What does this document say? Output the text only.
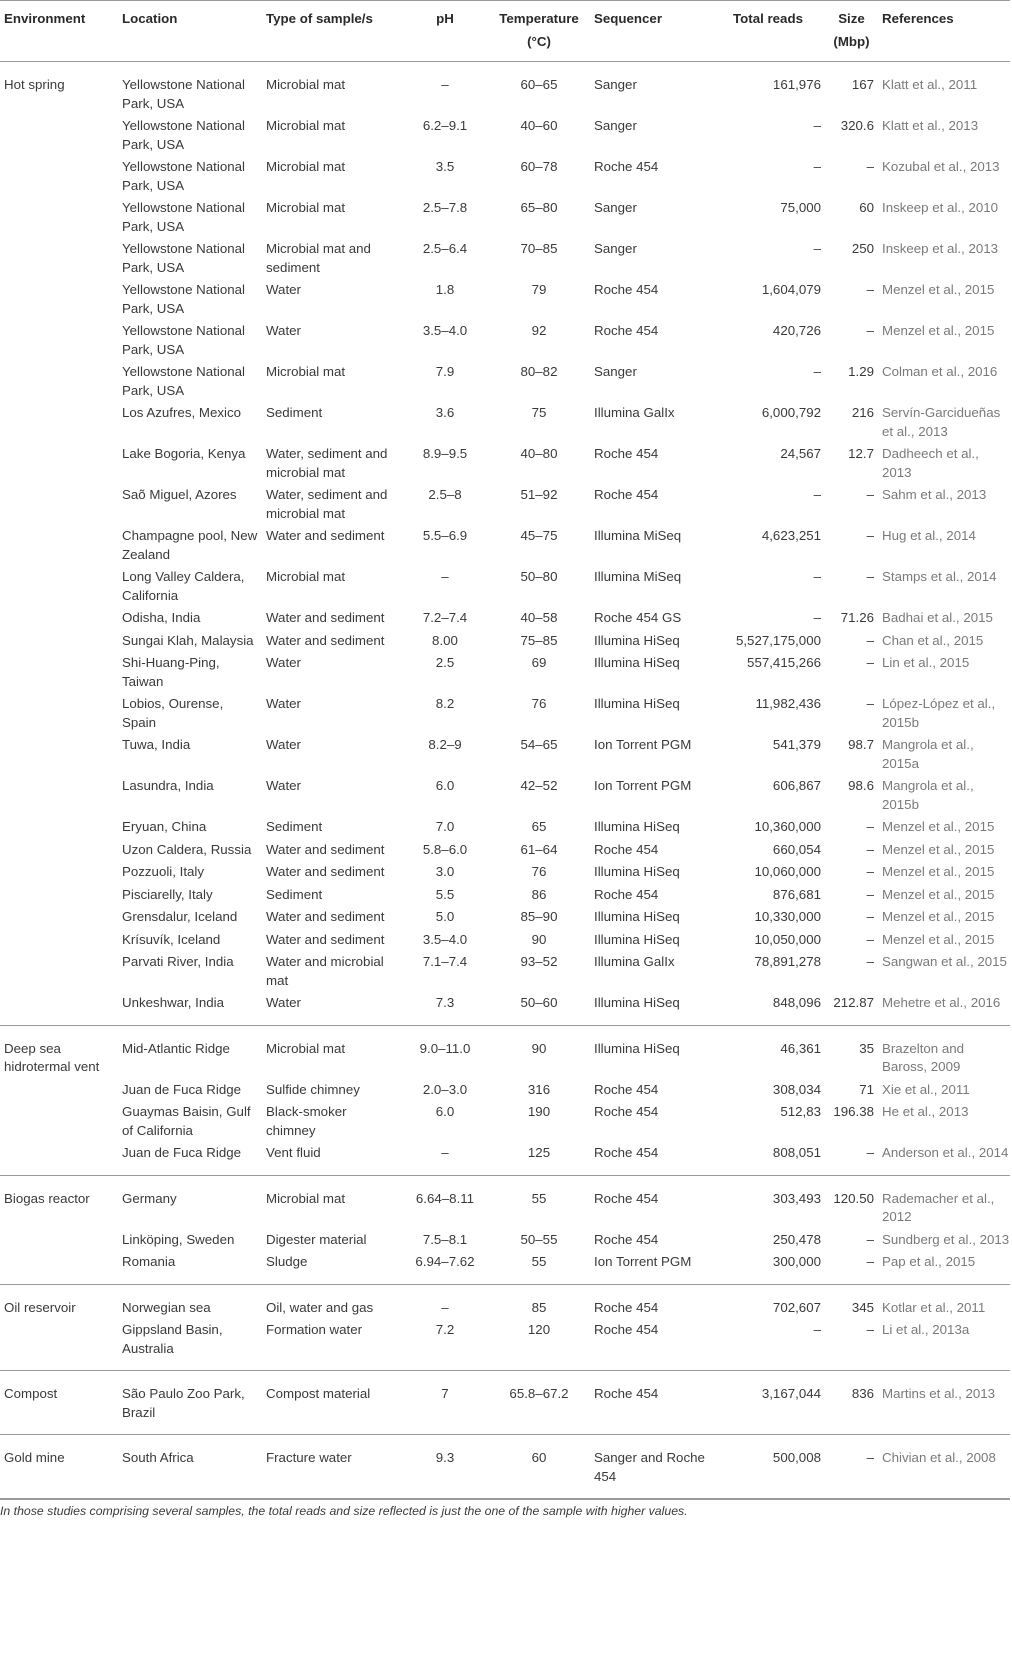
Environment	Location	Type of sample/s	pH	Temperature (°C)	Sequencer	Total reads	Size (Mbp)	References
Hot spring	Yellowstone National Park, USA	Microbial mat	–	60–65	Sanger	161,976	167	Klatt et al., 2011
	Yellowstone National Park, USA	Microbial mat	6.2–9.1	40–60	Sanger	–	320.6	Klatt et al., 2013
	Yellowstone National Park, USA	Microbial mat	3.5	60–78	Roche 454	–	–	Kozubal et al., 2013
	Yellowstone National Park, USA	Microbial mat	2.5–7.8	65–80	Sanger	75,000	60	Inskeep et al., 2010
	Yellowstone National Park, USA	Microbial mat and sediment	2.5–6.4	70–85	Sanger	–	250	Inskeep et al., 2013
	Yellowstone National Park, USA	Water	1.8	79	Roche 454	1,604,079	–	Menzel et al., 2015
	Yellowstone National Park, USA	Water	3.5–4.0	92	Roche 454	420,726	–	Menzel et al., 2015
	Yellowstone National Park, USA	Microbial mat	7.9	80–82	Sanger	–	1.29	Colman et al., 2016
	Los Azufres, Mexico	Sediment	3.6	75	Illumina GalIx	6,000,792	216	Servín-Garcidueñas et al., 2013
	Lake Bogoria, Kenya	Water, sediment and microbial mat	8.9–9.5	40–80	Roche 454	24,567	12.7	Dadheech et al., 2013
	Saõ Miguel, Azores	Water, sediment and microbial mat	2.5–8	51–92	Roche 454	–	–	Sahm et al., 2013
	Champagne pool, New Zealand	Water and sediment	5.5–6.9	45–75	Illumina MiSeq	4,623,251	–	Hug et al., 2014
	Long Valley Caldera, California	Microbial mat	–	50–80	Illumina MiSeq	–	–	Stamps et al., 2014
	Odisha, India	Water and sediment	7.2–7.4	40–58	Roche 454 GS	–	71.26	Badhai et al., 2015
	Sungai Klah, Malaysia	Water and sediment	8.00	75–85	Illumina HiSeq	5,527,175,000	–	Chan et al., 2015
	Shi-Huang-Ping, Taiwan	Water	2.5	69	Illumina HiSeq	557,415,266	–	Lin et al., 2015
	Lobios, Ourense, Spain	Water	8.2	76	Illumina HiSeq	11,982,436	–	López-López et al., 2015b
	Tuwa, India	Water	8.2–9	54–65	Ion Torrent PGM	541,379	98.7	Mangrola et al., 2015a
	Lasundra, India	Water	6.0	42–52	Ion Torrent PGM	606,867	98.6	Mangrola et al., 2015b
	Eryuan, China	Sediment	7.0	65	Illumina HiSeq	10,360,000	–	Menzel et al., 2015
	Uzon Caldera, Russia	Water and sediment	5.8–6.0	61–64	Roche 454	660,054	–	Menzel et al., 2015
	Pozzuoli, Italy	Water and sediment	3.0	76	Illumina HiSeq	10,060,000	–	Menzel et al., 2015
	Pisciarelly, Italy	Sediment	5.5	86	Roche 454	876,681	–	Menzel et al., 2015
	Grensdalur, Iceland	Water and sediment	5.0	85–90	Illumina HiSeq	10,330,000	–	Menzel et al., 2015
	Krísuvík, Iceland	Water and sediment	3.5–4.0	90	Illumina HiSeq	10,050,000	–	Menzel et al., 2015
	Parvati River, India	Water and microbial mat	7.1–7.4	93–52	Illumina GalIx	78,891,278	–	Sangwan et al., 2015
	Unkeshwar, India	Water	7.3	50–60	Illumina HiSeq	848,096	212.87	Mehetre et al., 2016
Deep sea hidrotermal vent	Mid-Atlantic Ridge	Microbial mat	9.0–11.0	90	Illumina HiSeq	46,361	35	Brazelton and Baross, 2009
	Juan de Fuca Ridge	Sulfide chimney	2.0–3.0	316	Roche 454	308,034	71	Xie et al., 2011
	Guaymas Baisin, Gulf of California	Black-smoker chimney	6.0	190	Roche 454	512,83	196.38	He et al., 2013
	Juan de Fuca Ridge	Vent fluid	–	125	Roche 454	808,051	–	Anderson et al., 2014
Biogas reactor	Germany	Microbial mat	6.64–8.11	55	Roche 454	303,493	120.50	Rademacher et al., 2012
	Linköping, Sweden	Digester material	7.5–8.1	50–55	Roche 454	250,478	–	Sundberg et al., 2013
	Romania	Sludge	6.94–7.62	55	Ion Torrent PGM	300,000	–	Pap et al., 2015
Oil reservoir	Norwegian sea	Oil, water and gas	–	85	Roche 454	702,607	345	Kotlar et al., 2011
	Gippsland Basin, Australia	Formation water	7.2	120	Roche 454	–	–	Li et al., 2013a
Compost	São Paulo Zoo Park, Brazil	Compost material	7	65.8–67.2	Roche 454	3,167,044	836	Martins et al., 2013
Gold mine	South Africa	Fracture water	9.3	60	Sanger and Roche 454	500,008	–	Chivian et al., 2008
In those studies comprising several samples, the total reads and size reflected is just the one of the sample with higher values.
